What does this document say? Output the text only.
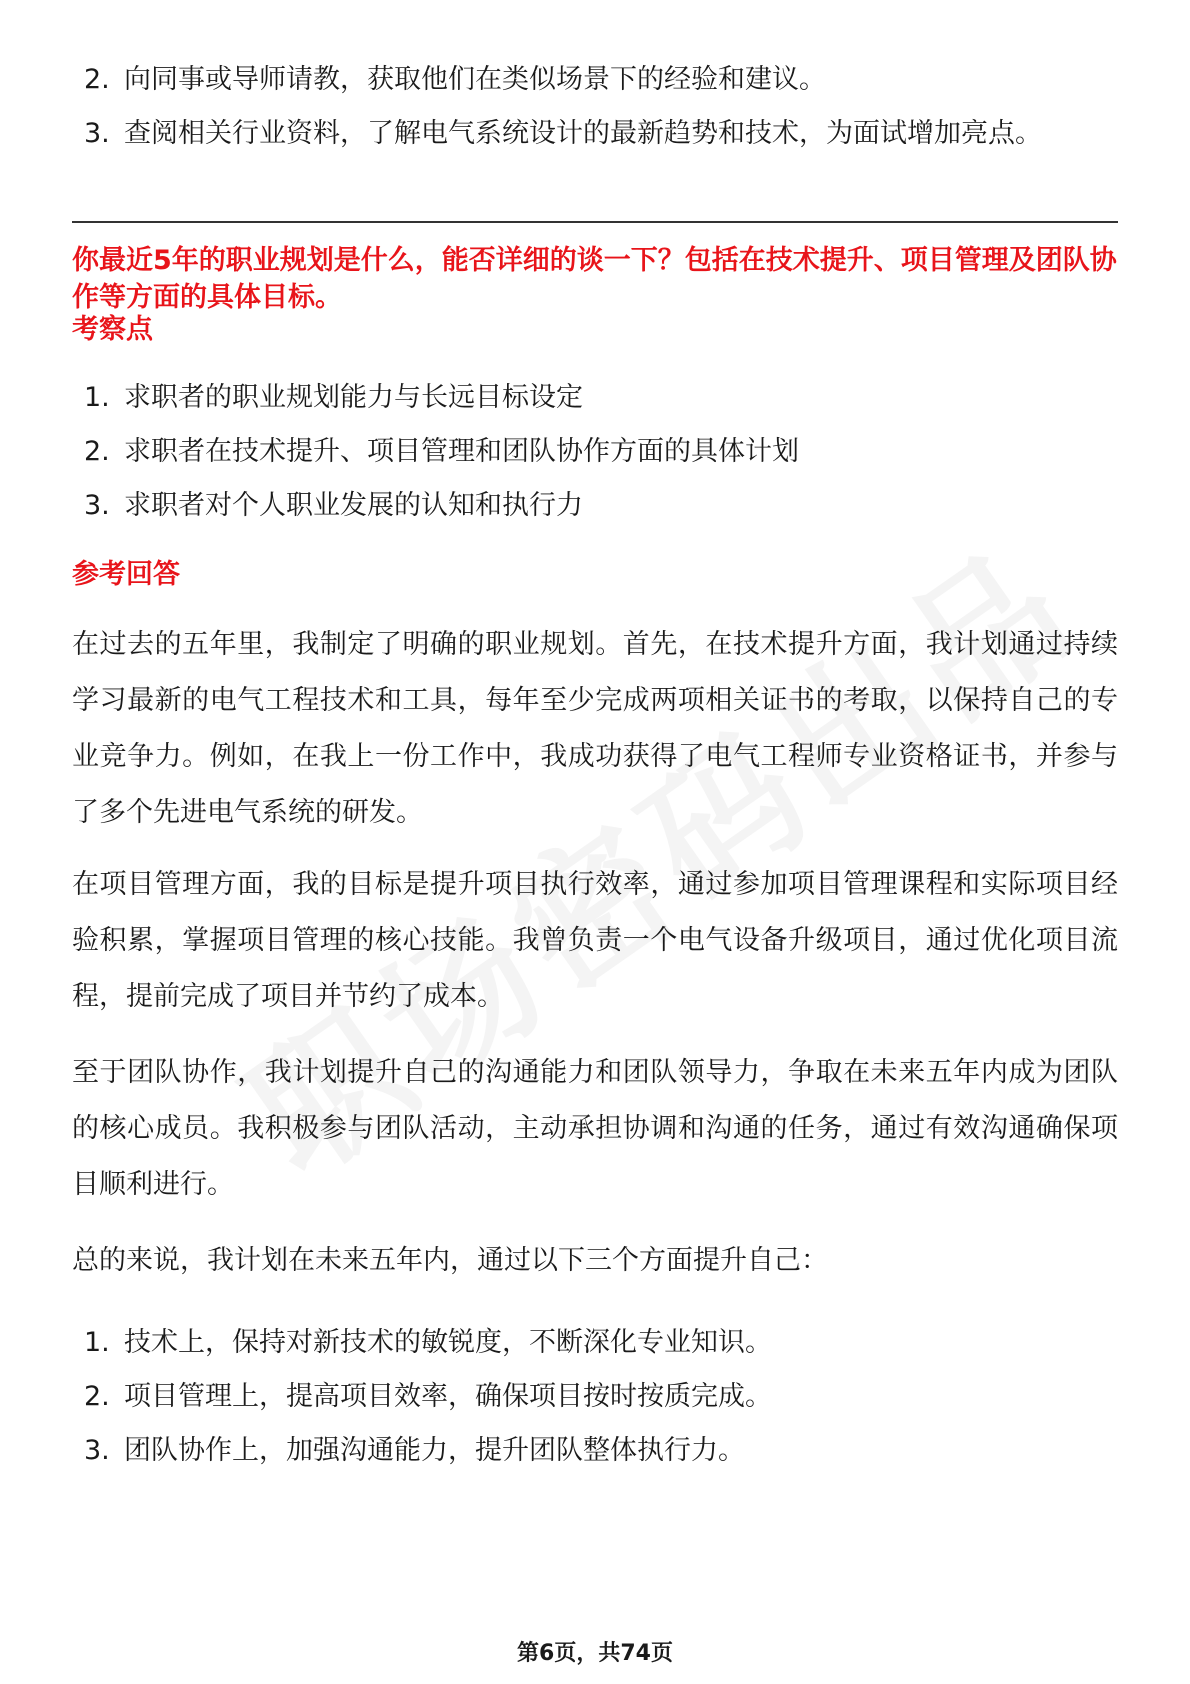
2. 向同事或导师请教，获取他们在类似场景下的经验和建议。
3. 查阅相关行业资料，了解电气系统设计的最新趋势和技术，为面试增加亮点。
你最近5年的职业规划是什么，能否详细的谈一下？包括在技术提升、项目管理及团队协作等方面的具体目标。
考察点
1. 求职者的职业规划能力与长远目标设定
2. 求职者在技术提升、项目管理和团队协作方面的具体计划
3. 求职者对个人职业发展的认知和执行力
参考回答

在过去的五年里，我制定了明确的职业规划。首先，在技术提升方面，我计划通过持续学习最新的电气工程技术和工具，每年至少完成两项相关证书的考取，以保持自己的专业竞争力。例如，在我上一份工作中，我成功获得了电气工程师专业资格证书，并参与了多个先进电气系统的研发。

在项目管理方面，我的目标是提升项目执行效率，通过参加项目管理课程和实际项目经验积累，掌握项目管理的核心技能。我曾负责一个电气设备升级项目，通过优化项目流程，提前完成了项目并节约了成本。

至于团队协作，我计划提升自己的沟通能力和团队领导力，争取在未来五年内成为团队的核心成员。我积极参与团队活动，主动承担协调和沟通的任务，通过有效沟通确保项目顺利进行。

总的来说，我计划在未来五年内，通过以下三个方面提升自己：

1. 技术上，保持对新技术的敏锐度，不断深化专业知识。
2. 项目管理上，提高项目效率，确保项目按时按质完成。
3. 团队协作上，加强沟通能力，提升团队整体执行力。
第6页，共74页
